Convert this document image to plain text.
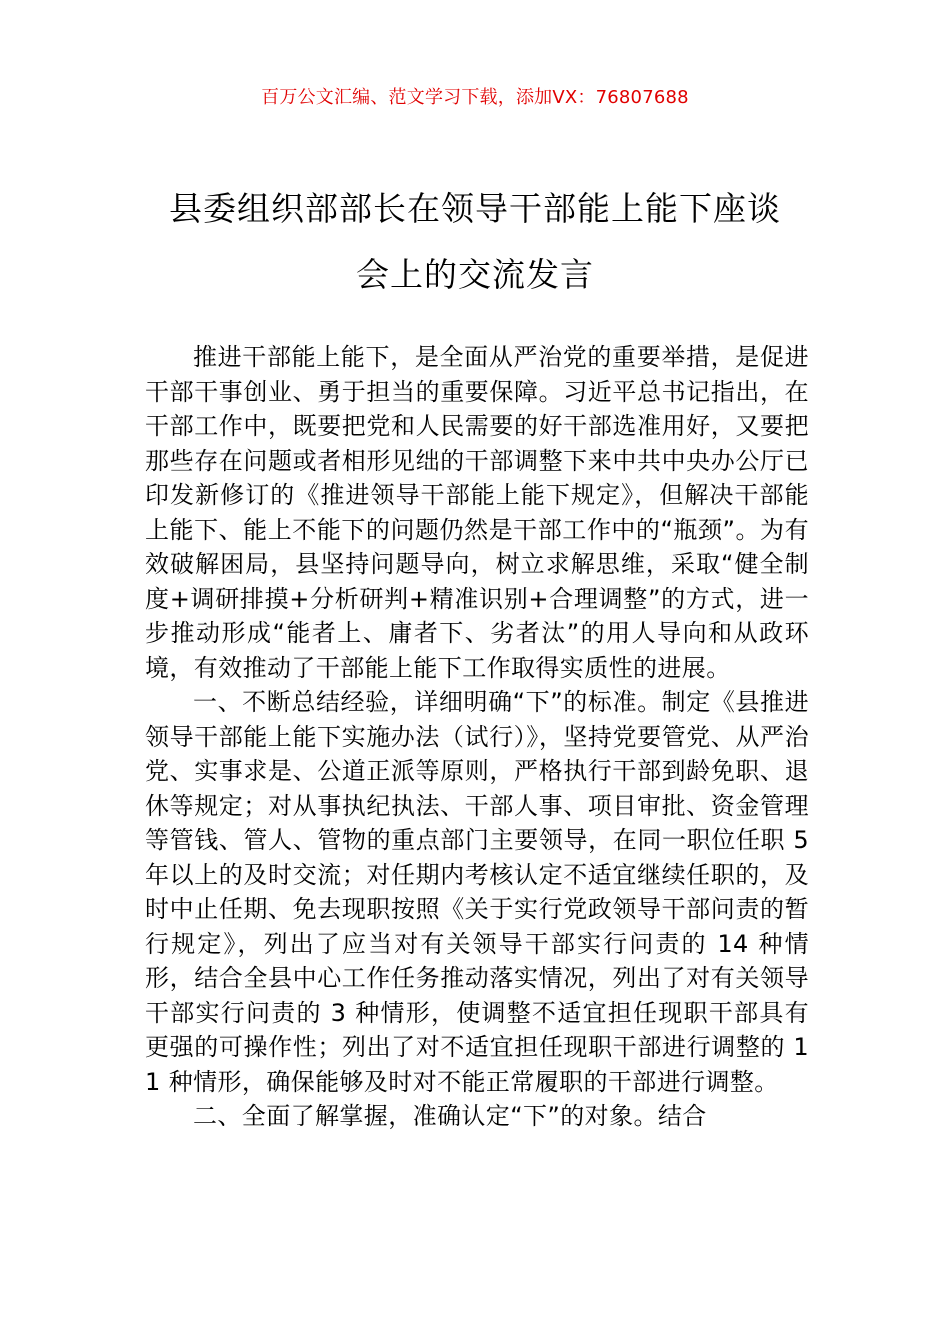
百万公文汇编、范文学习下载，添加VX：76807688
县委组织部部长在领导干部能上能下座谈
会上的交流发言

推进干部能上能下，是全面从严治党的重要举措，是促进干部干事创业、勇于担当的重要保障。习近平总书记指出，在干部工作中，既要把党和人民需要的好干部选准用好，又要把那些存在问题或者相形见绌的干部调整下来中共中央办公厅已印发新修订的《推进领导干部能上能下规定》，但解决干部能上能下、能上不能下的问题仍然是干部工作中的“瓶颈”。为有效破解困局，县坚持问题导向，树立求解思维，采取“健全制度+调研排摸+分析研判+精准识别+合理调整”的方式，进一步推动形成“能者上、庸者下、劣者汰”的用人导向和从政环境，有效推动了干部能上能下工作取得实质性的进展。

一、不断总结经验，详细明确“下”的标准。制定《县推进领导干部能上能下实施办法（试行）》，坚持党要管党、从严治党、实事求是、公道正派等原则，严格执行干部到龄免职、退休等规定；对从事执纪执法、干部人事、项目审批、资金管理等管钱、管人、管物的重点部门主要领导，在同一职位任职 5 年以上的及时交流；对任期内考核认定不适宜继续任职的，及时中止任期、免去现职按照《关于实行党政领导干部问责的暂行规定》，列出了应当对有关领导干部实行问责的 14 种情形，结合全县中心工作任务推动落实情况，列出了对有关领导干部实行问责的 3 种情形，使调整不适宜担任现职干部具有更强的可操作性；列出了对不适宜担任现职干部进行调整的 11 种情形，确保能够及时对不能正常履职的干部进行调整。

二、全面了解掌握，准确认定“下”的对象。结合
